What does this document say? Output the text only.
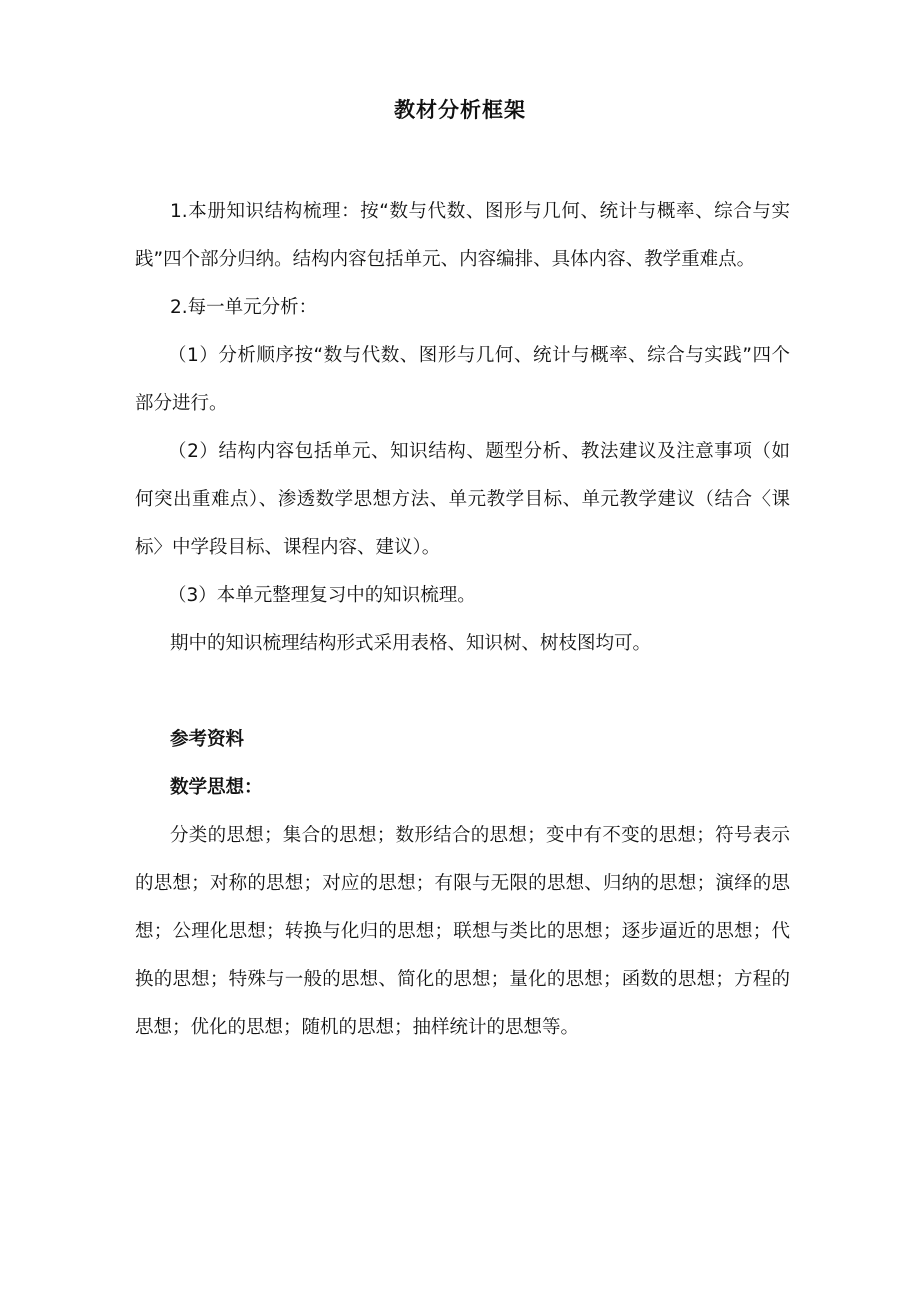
教材分析框架

1.本册知识结构梳理：按“数与代数、图形与几何、统计与概率、综合与实践”四个部分归纳。结构内容包括单元、内容编排、具体内容、教学重难点。

2.每一单元分析：

（1）分析顺序按“数与代数、图形与几何、统计与概率、综合与实践”四个部分进行。

（2）结构内容包括单元、知识结构、题型分析、教法建议及注意事项（如何突出重难点）、渗透数学思想方法、单元教学目标、单元教学建议（结合〈课标〉中学段目标、课程内容、建议）。

（3）本单元整理复习中的知识梳理。

期中的知识梳理结构形式采用表格、知识树、树枝图均可。

参考资料

数学思想：

分类的思想；集合的思想；数形结合的思想；变中有不变的思想；符号表示的思想；对称的思想；对应的思想；有限与无限的思想、归纳的思想；演绎的思想；公理化思想；转换与化归的思想；联想与类比的思想；逐步逼近的思想；代换的思想；特殊与一般的思想、简化的思想；量化的思想；函数的思想；方程的思想；优化的思想；随机的思想；抽样统计的思想等。
